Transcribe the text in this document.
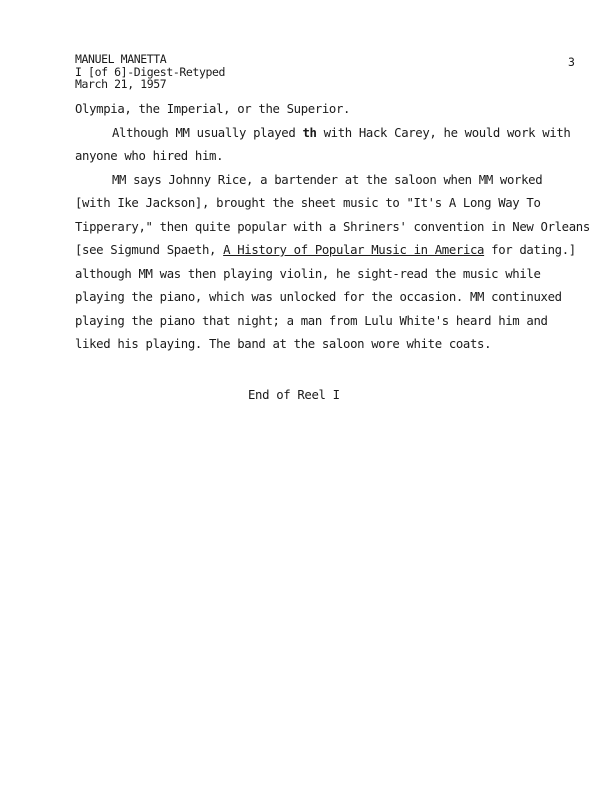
MANUEL MANETTA
I [of 6]-Digest-Retyped
March 21, 1957
3
Olympia, the Imperial, or the Superior.
Although MM usually played th with Hack Carey, he would work with
anyone who hired him.
MM says Johnny Rice, a bartender at the saloon when MM worked
[with Ike Jackson], brought the sheet music to "It's A Long Way To
Tipperary," then quite popular with a Shriners' convention in New Orleans
[see Sigmund Spaeth, A History of Popular Music in America for dating.]
although MM was then playing violin, he sight-read the music while
playing the piano, which was unlocked for the occasion. MM continuxed
playing the piano that night; a man from Lulu White's heard him and
liked his playing. The band at the saloon wore white coats.
End of Reel I
